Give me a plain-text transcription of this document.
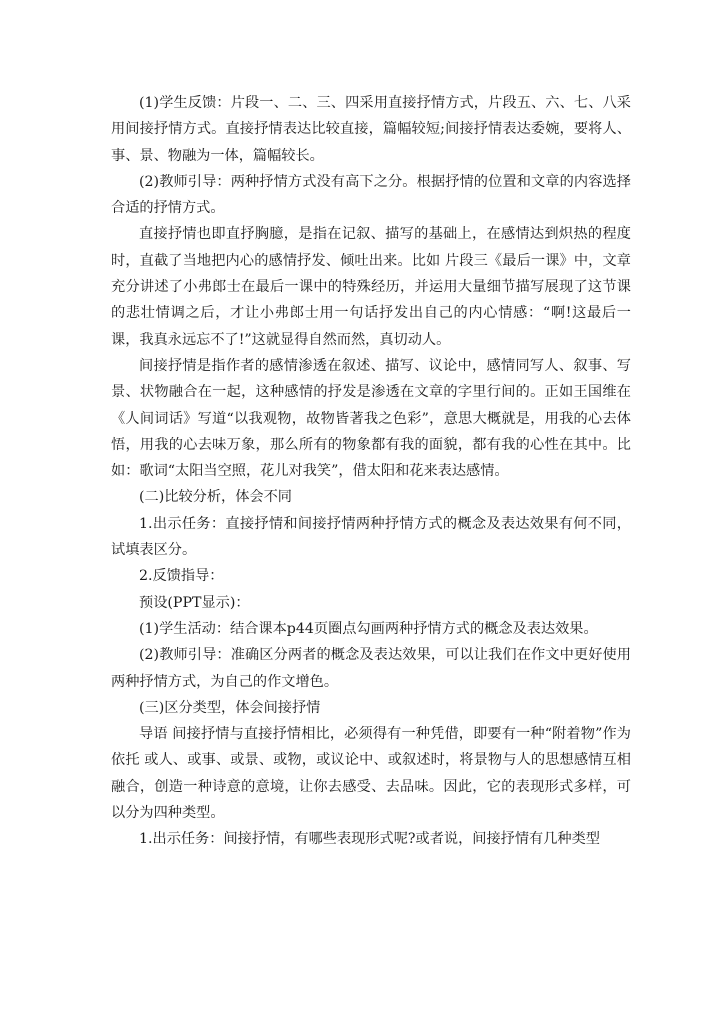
(1)学生反馈：片段一、二、三、四采用直接抒情方式，片段五、六、七、八采用间接抒情方式。直接抒情表达比较直接，篇幅较短;间接抒情表达委婉，要将人、事、景、物融为一体，篇幅较长。

(2)教师引导：两种抒情方式没有高下之分。根据抒情的位置和文章的内容选择合适的抒情方式。

直接抒情也即直抒胸臆，是指在记叙、描写的基础上，在感情达到炽热的程度时，直截了当地把内心的感情抒发、倾吐出来。比如 片段三《最后一课》中，文章充分讲述了小弗郎士在最后一课中的特殊经历，并运用大量细节描写展现了这节课的悲壮情调之后，才让小弗郎士用一句话抒发出自己的内心情感：“啊!这最后一课，我真永远忘不了!”这就显得自然而然，真切动人。

间接抒情是指作者的感情渗透在叙述、描写、议论中，感情同写人、叙事、写景、状物融合在一起，这种感情的抒发是渗透在文章的字里行间的。正如王国维在《人间词话》写道“以我观物，故物皆著我之色彩”，意思大概就是，用我的心去体悟，用我的心去味万象，那么所有的物象都有我的面貌，都有我的心性在其中。比如：歌词“太阳当空照，花儿对我笑”，借太阳和花来表达感情。

(二)比较分析，体会不同

1.出示任务：直接抒情和间接抒情两种抒情方式的概念及表达效果有何不同，试填表区分。

2.反馈指导：

预设(PPT显示)：

(1)学生活动：结合课本p44页圈点勾画两种抒情方式的概念及表达效果。

(2)教师引导：准确区分两者的概念及表达效果，可以让我们在作文中更好使用两种抒情方式，为自己的作文增色。

(三)区分类型，体会间接抒情

导语 间接抒情与直接抒情相比，必须得有一种凭借，即要有一种“附着物”作为依托 或人、或事、或景、或物，或议论中、或叙述时，将景物与人的思想感情互相融合，创造一种诗意的意境，让你去感受、去品味。因此，它的表现形式多样，可以分为四种类型。

1.出示任务：间接抒情，有哪些表现形式呢?或者说，间接抒情有几种类型
